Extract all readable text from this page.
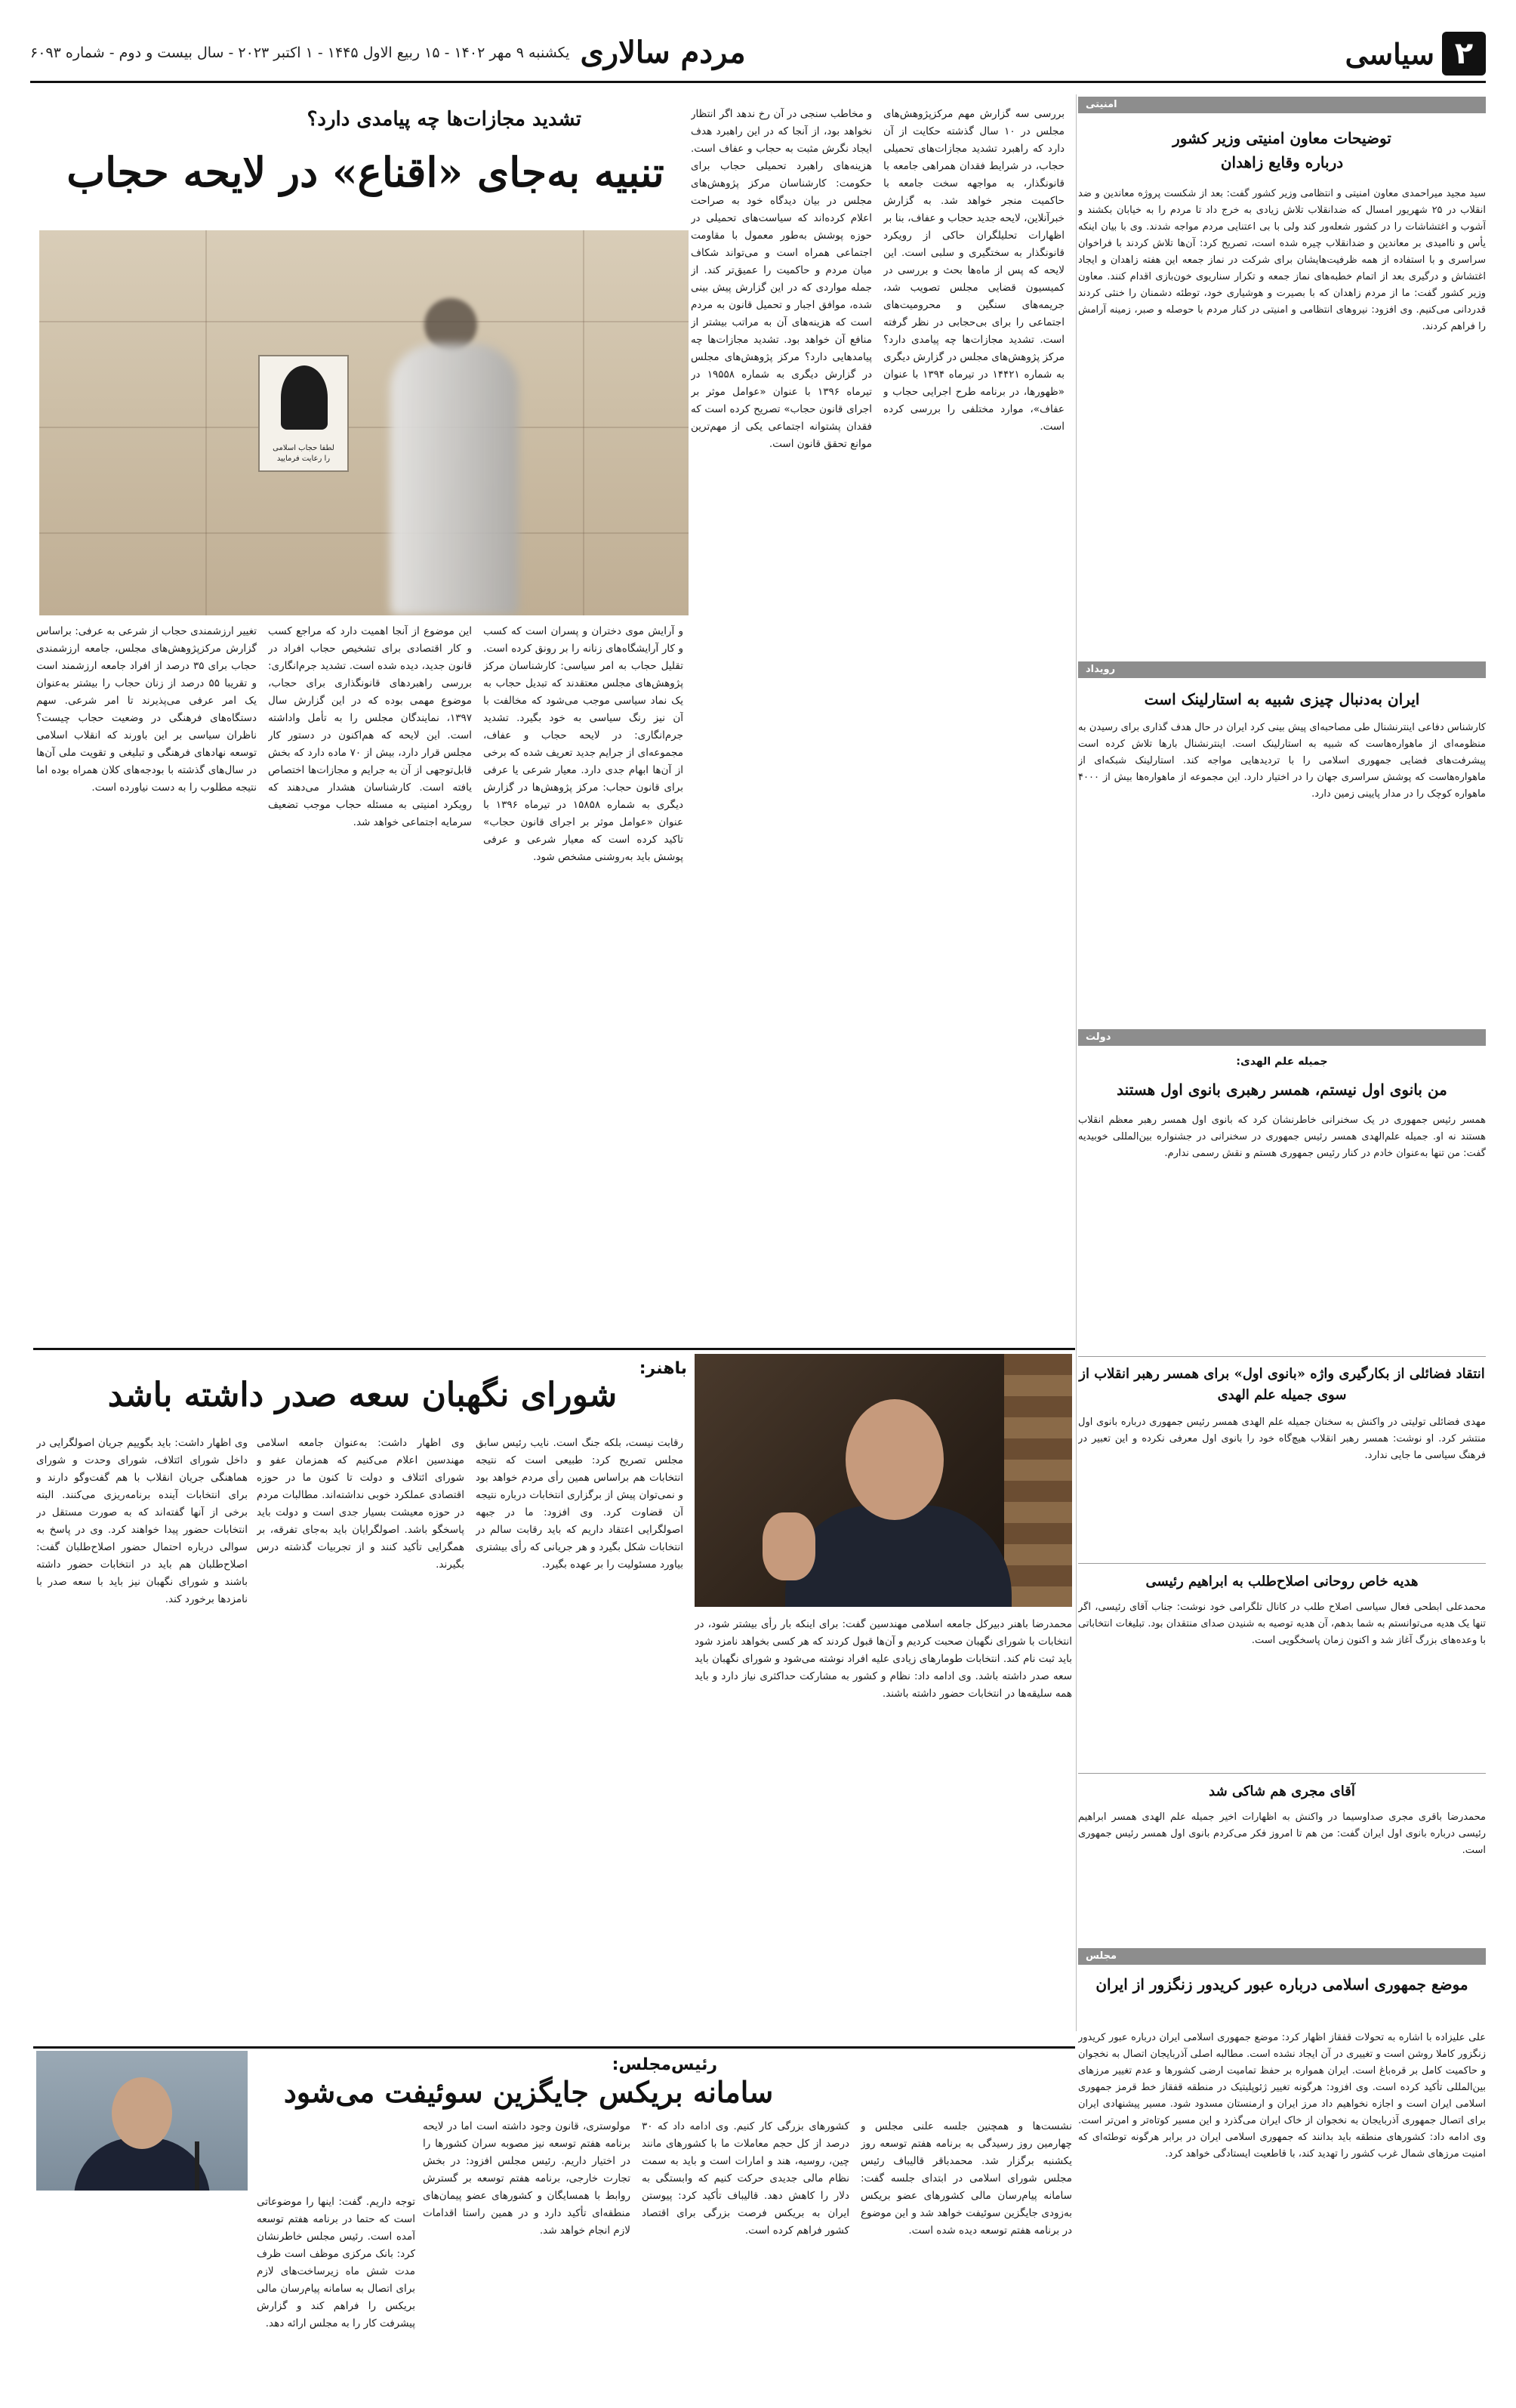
مردم سالاری
یکشنبه ۹ مهر ۱۴۰۲ - ۱۵ ربیع الاول ۱۴۴۵ - ۱ اکتبر ۲۰۲۳ - سال بیست و دوم - شماره ۶۰۹۳	۲
سیاسی
امنیتی
توضیحات معاون امنیتی وزیر کشور
درباره وقایع زاهدان
سید مجید میراحمدی معاون امنیتی و انتظامی وزیر کشور گفت: بعد از شکست پروژه معاندین و ضد انقلاب در ۲۵ شهریور امسال که ضدانقلاب تلاش زیادی به خرج داد تا مردم را به خیابان بکشند و آشوب و اغتشاشات را در کشور شعله‌ور کند ولی با بی اعتنایی مردم مواجه شدند. وی با بیان اینکه یأس و ناامیدی بر معاندین و ضدانقلاب چیره شده است، تصریح کرد: آن‌ها تلاش کردند با فراخوان سراسری و با استفاده از همه ظرفیت‌هایشان برای شرکت در نماز جمعه این هفته زاهدان و ایجاد اغتشاش و درگیری بعد از اتمام خطبه‌های نماز جمعه و تکرار سناریوی خون‌بازی اقدام کنند. معاون وزیر کشور گفت: ما از مردم زاهدان که با بصیرت و هوشیاری خود، توطئه دشمنان را خنثی کردند قدردانی می‌کنیم. وی افزود: نیروهای انتظامی و امنیتی در کنار مردم با حوصله و صبر، زمینه آرامش را فراهم کردند.
رویداد
ایران به‌دنبال چیزی شبیه به استارلینک است
کارشناس دفاعی اینترنشنال طی مصاحبه‌ای پیش بینی کرد ایران در حال هدف گذاری برای رسیدن به منظومه‌ای از ماهواره‌هاست که شبیه به استارلینک است. اینترنشنال بارها تلاش کرده است پیشرفت‌های فضایی جمهوری اسلامی را با تردیدهایی مواجه کند. استارلینک شبکه‌ای از ماهواره‌هاست که پوشش سراسری جهان را در اختیار دارد. این مجموعه از ماهواره‌ها بیش از ۴۰۰۰ ماهواره کوچک را در مدار پایینی زمین دارد.
دولت
جمیله علم الهدی:
من بانوی اول نیستم، همسر رهبری بانوی اول هستند
همسر رئیس جمهوری در یک سخنرانی خاطرنشان کرد که بانوی اول همسر رهبر معظم انقلاب هستند نه او. جمیله علم‌الهدی همسر رئیس جمهوری در سخنرانی در جشنواره بین‌المللی خوبیدیه گفت: من تنها به‌عنوان خادم در کنار رئیس جمهوری هستم و نقش رسمی ندارم.
انتقاد فضائلی از بکارگیری واژه «بانوی اول» برای همسر رهبر انقلاب از سوی جمیله علم الهدی
مهدی فضائلی تولیتی در واکنش به سخنان جمیله علم الهدی همسر رئیس جمهوری درباره بانوی اول منتشر کرد. او نوشت: همسر رهبر انقلاب هیچ‌گاه خود را بانوی اول معرفی نکرده و این تعبیر در فرهنگ سیاسی ما جایی ندارد.
هدیه خاص روحانی اصلاح‌طلب به ابراهیم رئیسی
محمدعلی ابطحی فعال سیاسی اصلاح طلب در کانال تلگرامی خود نوشت: جناب آقای رئیسی، اگر تنها یک هدیه می‌توانستم به شما بدهم، آن هدیه توصیه به شنیدن صدای منتقدان بود. تبلیغات انتخاباتی با وعده‌های بزرگ آغاز شد و اکنون زمان پاسخگویی است.
آقای مجری هم شاکی شد
محمدرضا باقری مجری صداوسیما در واکنش به اظهارات اخیر جمیله علم الهدی همسر ابراهیم رئیسی درباره بانوی اول ایران گفت: من هم تا امروز فکر می‌کردم بانوی اول همسر رئیس جمهوری است.
مجلس
موضع جمهوری اسلامی درباره عبور کریدور زنگزور از ایران
علی علیزاده با اشاره به تحولات قفقاز اظهار کرد: موضع جمهوری اسلامی ایران درباره عبور کریدور زنگزور کاملا روشن است و تغییری در آن ایجاد نشده است. مطالبه اصلی آذربایجان اتصال به نخجوان و حاکمیت کامل بر قره‌باغ است. ایران همواره بر حفظ تمامیت ارضی کشورها و عدم تغییر مرزهای بین‌المللی تأکید کرده است. وی افزود: هرگونه تغییر ژئوپلیتیک در منطقه قفقاز خط قرمز جمهوری اسلامی ایران است و اجازه نخواهیم داد مرز ایران و ارمنستان مسدود شود. مسیر پیشنهادی ایران برای اتصال جمهوری آذربایجان به نخجوان از خاک ایران می‌گذرد و این مسیر کوتاه‌تر و امن‌تر است. وی ادامه داد: کشورهای منطقه باید بدانند که جمهوری اسلامی ایران در برابر هرگونه توطئه‌ای که امنیت مرزهای شمال غرب کشور را تهدید کند، با قاطعیت ایستادگی خواهد کرد.
تشدید مجازات‌ها چه پیامدی دارد؟
تنبیه به‌جای «اقناع» در لایحه حجاب
لطفا حجاب اسلامی
را رعایت فرمایید
بررسی سه گزارش مهم مرکزپژوهش‌های مجلس در ۱۰ سال گذشته حکایت از آن دارد که راهبرد تشدید مجازات‌های تحمیلی حجاب، در شرایط فقدان همراهی جامعه با قانونگذار، به مواجهه سخت جامعه با حاکمیت منجر خواهد شد. به گزارش خبرآنلاین، لایحه جدید حجاب و عفاف، بنا بر اظهارات تحلیلگران حاکی از رویکرد قانونگذار به سختگیری و سلبی است. این لایحه که پس از ماه‌ها بحث و بررسی در کمیسیون قضایی مجلس تصویب شد، جریمه‌های سنگین و محرومیت‌های اجتماعی را برای بی‌حجابی در نظر گرفته است. تشدید مجازات‌ها چه پیامدی دارد؟ مرکز پژوهش‌های مجلس در گزارش دیگری به شماره ۱۴۴۲۱ در تیرماه ۱۳۹۴ با عنوان «ظهورها، در برنامه طرح اجرایی حجاب و عفاف»، موارد مختلفی را بررسی کرده است.
و مخاطب سنجی در آن رخ ندهد اگر انتظار نخواهد بود، از آنجا که در این راهبرد هدف ایجاد نگرش مثبت به حجاب و عفاف است. هزینه‌های راهبرد تحمیلی حجاب برای حکومت: کارشناسان مرکز پژوهش‌های مجلس در بیان دیدگاه خود به صراحت اعلام کرده‌اند که سیاست‌های تحمیلی در حوزه پوشش به‌طور معمول با مقاومت اجتماعی همراه است و می‌تواند شکاف میان مردم و حاکمیت را عمیق‌تر کند. از جمله مواردی که در این گزارش پیش بینی شده، موافق اجبار و تحمیل قانون به مردم است که هزینه‌های آن به مراتب بیشتر از منافع آن خواهد بود. تشدید مجازات‌ها چه پیامدهایی دارد؟ مرکز پژوهش‌های مجلس در گزارش دیگری به شماره ۱۹۵۵۸ در تیرماه ۱۳۹۶ با عنوان «عوامل موثر بر اجرای قانون حجاب» تصریح کرده است که فقدان پشتوانه اجتماعی یکی از مهم‌ترین موانع تحقق قانون است.
و آرایش موی دختران و پسران است که کسب و کار آرایشگاه‌های زنانه را بر رونق کرده است. تقلیل حجاب به امر سیاسی: کارشناسان مرکز پژوهش‌های مجلس معتقدند که تبدیل حجاب به یک نماد سیاسی موجب می‌شود که مخالفت با آن نیز رنگ سیاسی به خود بگیرد. تشدید جرم‌انگاری: در لایحه حجاب و عفاف، مجموعه‌ای از جرایم جدید تعریف شده که برخی از آن‌ها ابهام جدی دارد. معیار شرعی یا عرفی برای قانون حجاب: مرکز پژوهش‌ها در گزارش دیگری به شماره ۱۵۸۵۸ در تیرماه ۱۳۹۶ با عنوان «عوامل موثر بر اجرای قانون حجاب» تاکید کرده است که معیار شرعی و عرفی پوشش باید به‌روشنی مشخص شود.
این موضوع از آنجا اهمیت دارد که مراجع کسب و کار اقتصادی برای تشخیص حجاب افراد در قانون جدید، دیده شده است. تشدید جرم‌انگاری: بررسی راهبردهای قانونگذاری برای حجاب، موضوع مهمی بوده که در این گزارش سال ۱۳۹۷، نمایندگان مجلس را به تأمل واداشته است. این لایحه که هم‌اکنون در دستور کار مجلس قرار دارد، بیش از ۷۰ ماده دارد که بخش قابل‌توجهی از آن به جرایم و مجازات‌ها اختصاص یافته است. کارشناسان هشدار می‌دهند که رویکرد امنیتی به مسئله حجاب موجب تضعیف سرمایه اجتماعی خواهد شد.
تغییر ارزشمندی حجاب از شرعی به عرفی: براساس گزارش مرکزپژوهش‌های مجلس، جامعه ارزشمندی حجاب برای ۳۵ درصد از افراد جامعه ارزشمند است و تقریبا ۵۵ درصد از زنان حجاب را بیشتر به‌عنوان یک امر عرفی می‌پذیرند تا امر شرعی. سهم دستگاه‌های فرهنگی در وضعیت حجاب چیست؟ ناظران سیاسی بر این باورند که انقلاب اسلامی توسعه نهادهای فرهنگی و تبلیغی و تقویت ملی آن‌ها در سال‌های گذشته با بودجه‌های کلان همراه بوده اما نتیجه مطلوب را به دست نیاورده است.
باهنر:
شورای نگهبان سعه صدر داشته باشد
محمدرضا باهنر دبیرکل جامعه اسلامی مهندسین گفت: برای اینکه بار رأی بیشتر شود، در انتخابات با شورای نگهبان صحبت کردیم و آن‌ها قبول کردند که هر کسی بخواهد نامزد شود باید ثبت نام کند. انتخابات طومارهای زیادی علیه افراد نوشته می‌شود و شورای نگهبان باید سعه صدر داشته باشد. وی ادامه داد: نظام و کشور به مشارکت حداکثری نیاز دارد و باید همه سلیقه‌ها در انتخابات حضور داشته باشند.
رقابت نیست، بلکه جنگ است. نایب رئیس سابق مجلس تصریح کرد: طبیعی است که نتیجه انتخابات هم براساس همین رأی مردم خواهد بود و نمی‌توان پیش از برگزاری انتخابات درباره نتیجه آن قضاوت کرد. وی افزود: ما در جبهه اصولگرایی اعتقاد داریم که باید رقابت سالم در انتخابات شکل بگیرد و هر جریانی که رأی بیشتری بیاورد مسئولیت را بر عهده بگیرد.
وی اظهار داشت: به‌عنوان جامعه اسلامی مهندسین اعلام می‌کنیم که همزمان عفو و شورای ائتلاف و دولت تا کنون ما در حوزه اقتصادی عملکرد خوبی نداشته‌اند. مطالبات مردم در حوزه معیشت بسیار جدی است و دولت باید پاسخگو باشد. اصولگرایان باید به‌جای تفرقه، بر همگرایی تأکید کنند و از تجربیات گذشته درس بگیرند.
وی اظهار داشت: باید بگوییم جریان اصولگرایی در داخل شورای ائتلاف، شورای وحدت و شورای هماهنگی جریان انقلاب با هم گفت‌وگو دارند و برای انتخابات آینده برنامه‌ریزی می‌کنند. البته برخی از آنها گفته‌اند که به صورت مستقل در انتخابات حضور پیدا خواهند کرد. وی در پاسخ به سوالی درباره احتمال حضور اصلاح‌طلبان گفت: اصلاح‌طلبان هم باید در انتخابات حضور داشته باشند و شورای نگهبان نیز باید با سعه صدر با نامزدها برخورد کند.
رئیس‌مجلس:
سامانه بریکس جایگزین سوئیفت می‌شود
نشست‌ها و همچنین جلسه علنی مجلس و چهارمین روز رسیدگی به برنامه هفتم توسعه روز یکشنبه برگزار شد. محمدباقر قالیباف رئیس مجلس شورای اسلامی در ابتدای جلسه گفت: سامانه پیام‌رسان مالی کشورهای عضو بریکس به‌زودی جایگزین سوئیفت خواهد شد و این موضوع در برنامه هفتم توسعه دیده شده است.
کشورهای بزرگی کار کنیم. وی ادامه داد که ۳۰ درصد از کل حجم معاملات ما با کشورهای مانند چین، روسیه، هند و امارات است و باید به سمت نظام مالی جدیدی حرکت کنیم که وابستگی به دلار را کاهش دهد. قالیباف تأکید کرد: پیوستن ایران به بریکس فرصت بزرگی برای اقتصاد کشور فراهم کرده است.
مولوستری، قانون وجود داشته است اما در لایحه برنامه هفتم توسعه نیز مصوبه سران کشورها را در اختیار داریم. رئیس مجلس افزود: در بخش تجارت خارجی، برنامه هفتم توسعه بر گسترش روابط با همسایگان و کشورهای عضو پیمان‌های منطقه‌ای تأکید دارد و در همین راستا اقدامات لازم انجام خواهد شد.
توجه داریم. گفت: اینها را موضوعاتی است که حتما در برنامه هفتم توسعه آمده است. رئیس مجلس خاطرنشان کرد: بانک مرکزی موظف است ظرف مدت شش ماه زیرساخت‌های لازم برای اتصال به سامانه پیام‌رسان مالی بریکس را فراهم کند و گزارش پیشرفت کار را به مجلس ارائه دهد.
